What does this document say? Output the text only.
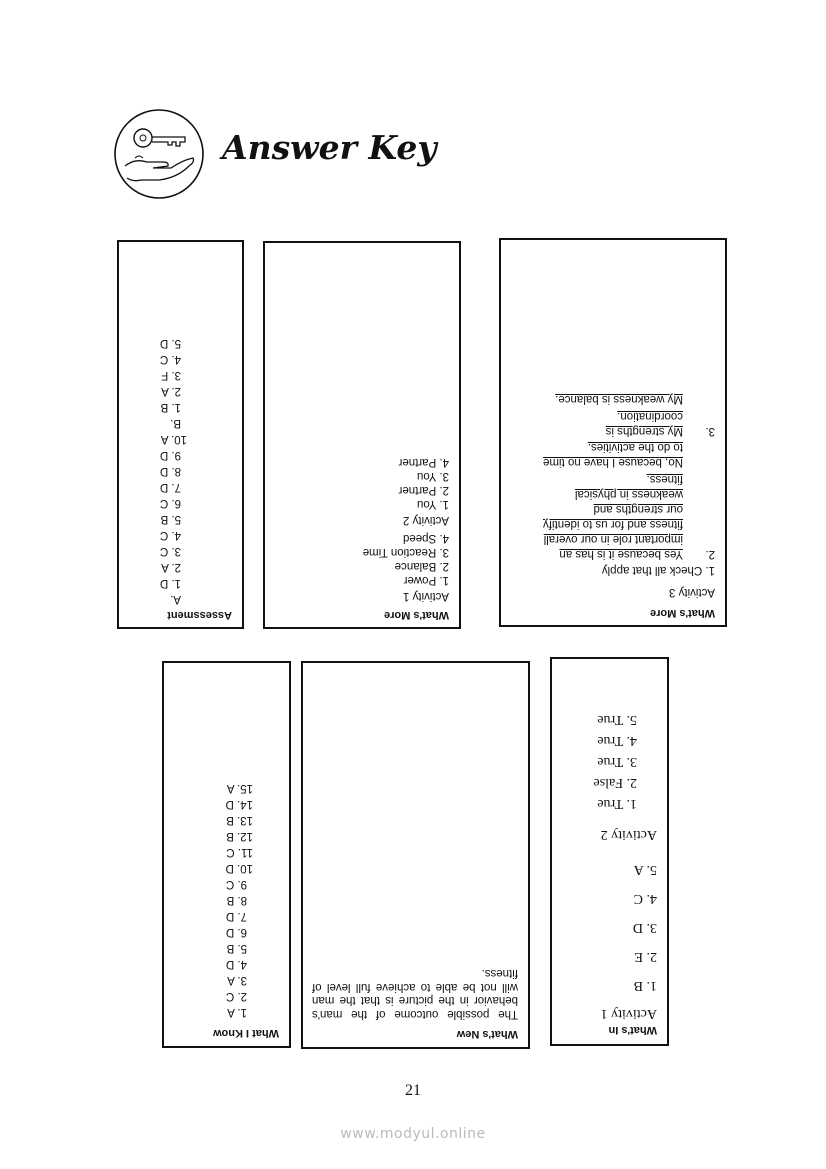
Answer Key
Assessment
A.
1. D
2. A
3. C
4. C
5. B
6. C
7. D
8. D
9. D
10. A
B.
1. B
2. A
3. F
4. C
5. D
What's More
Activity 1
1. Power
2. Balance
3. Reaction Time
4. Speed
Activity 2
1. You
2. Partner
3. You
4. Partner
What's More
Activity 3
1. Check all that apply
2.
Yes because it is has an
important role in our overall
fitness and for us to identify
our strengths and
weakness in physical
fitness.
No, because I have no time
to do the activities.
3.
My strengths is
coordination.
My weakness is balance.
What I Know
1. A
2. C
3. A
4. D
5. B
6. D
7. D
8. B
9. C
10. D
11. C
12. B
13. B
14. D
15. A
What's New
The possible outcome of the man's behavior in the picture is that the man will not be able to achieve full level of fitness.
What's In
Activity 1
1. B
2. E
3. D
4. C
5. A
Activity 2
1. True
2. False
3. True
4. True
5. True
21
www.modyul.online
